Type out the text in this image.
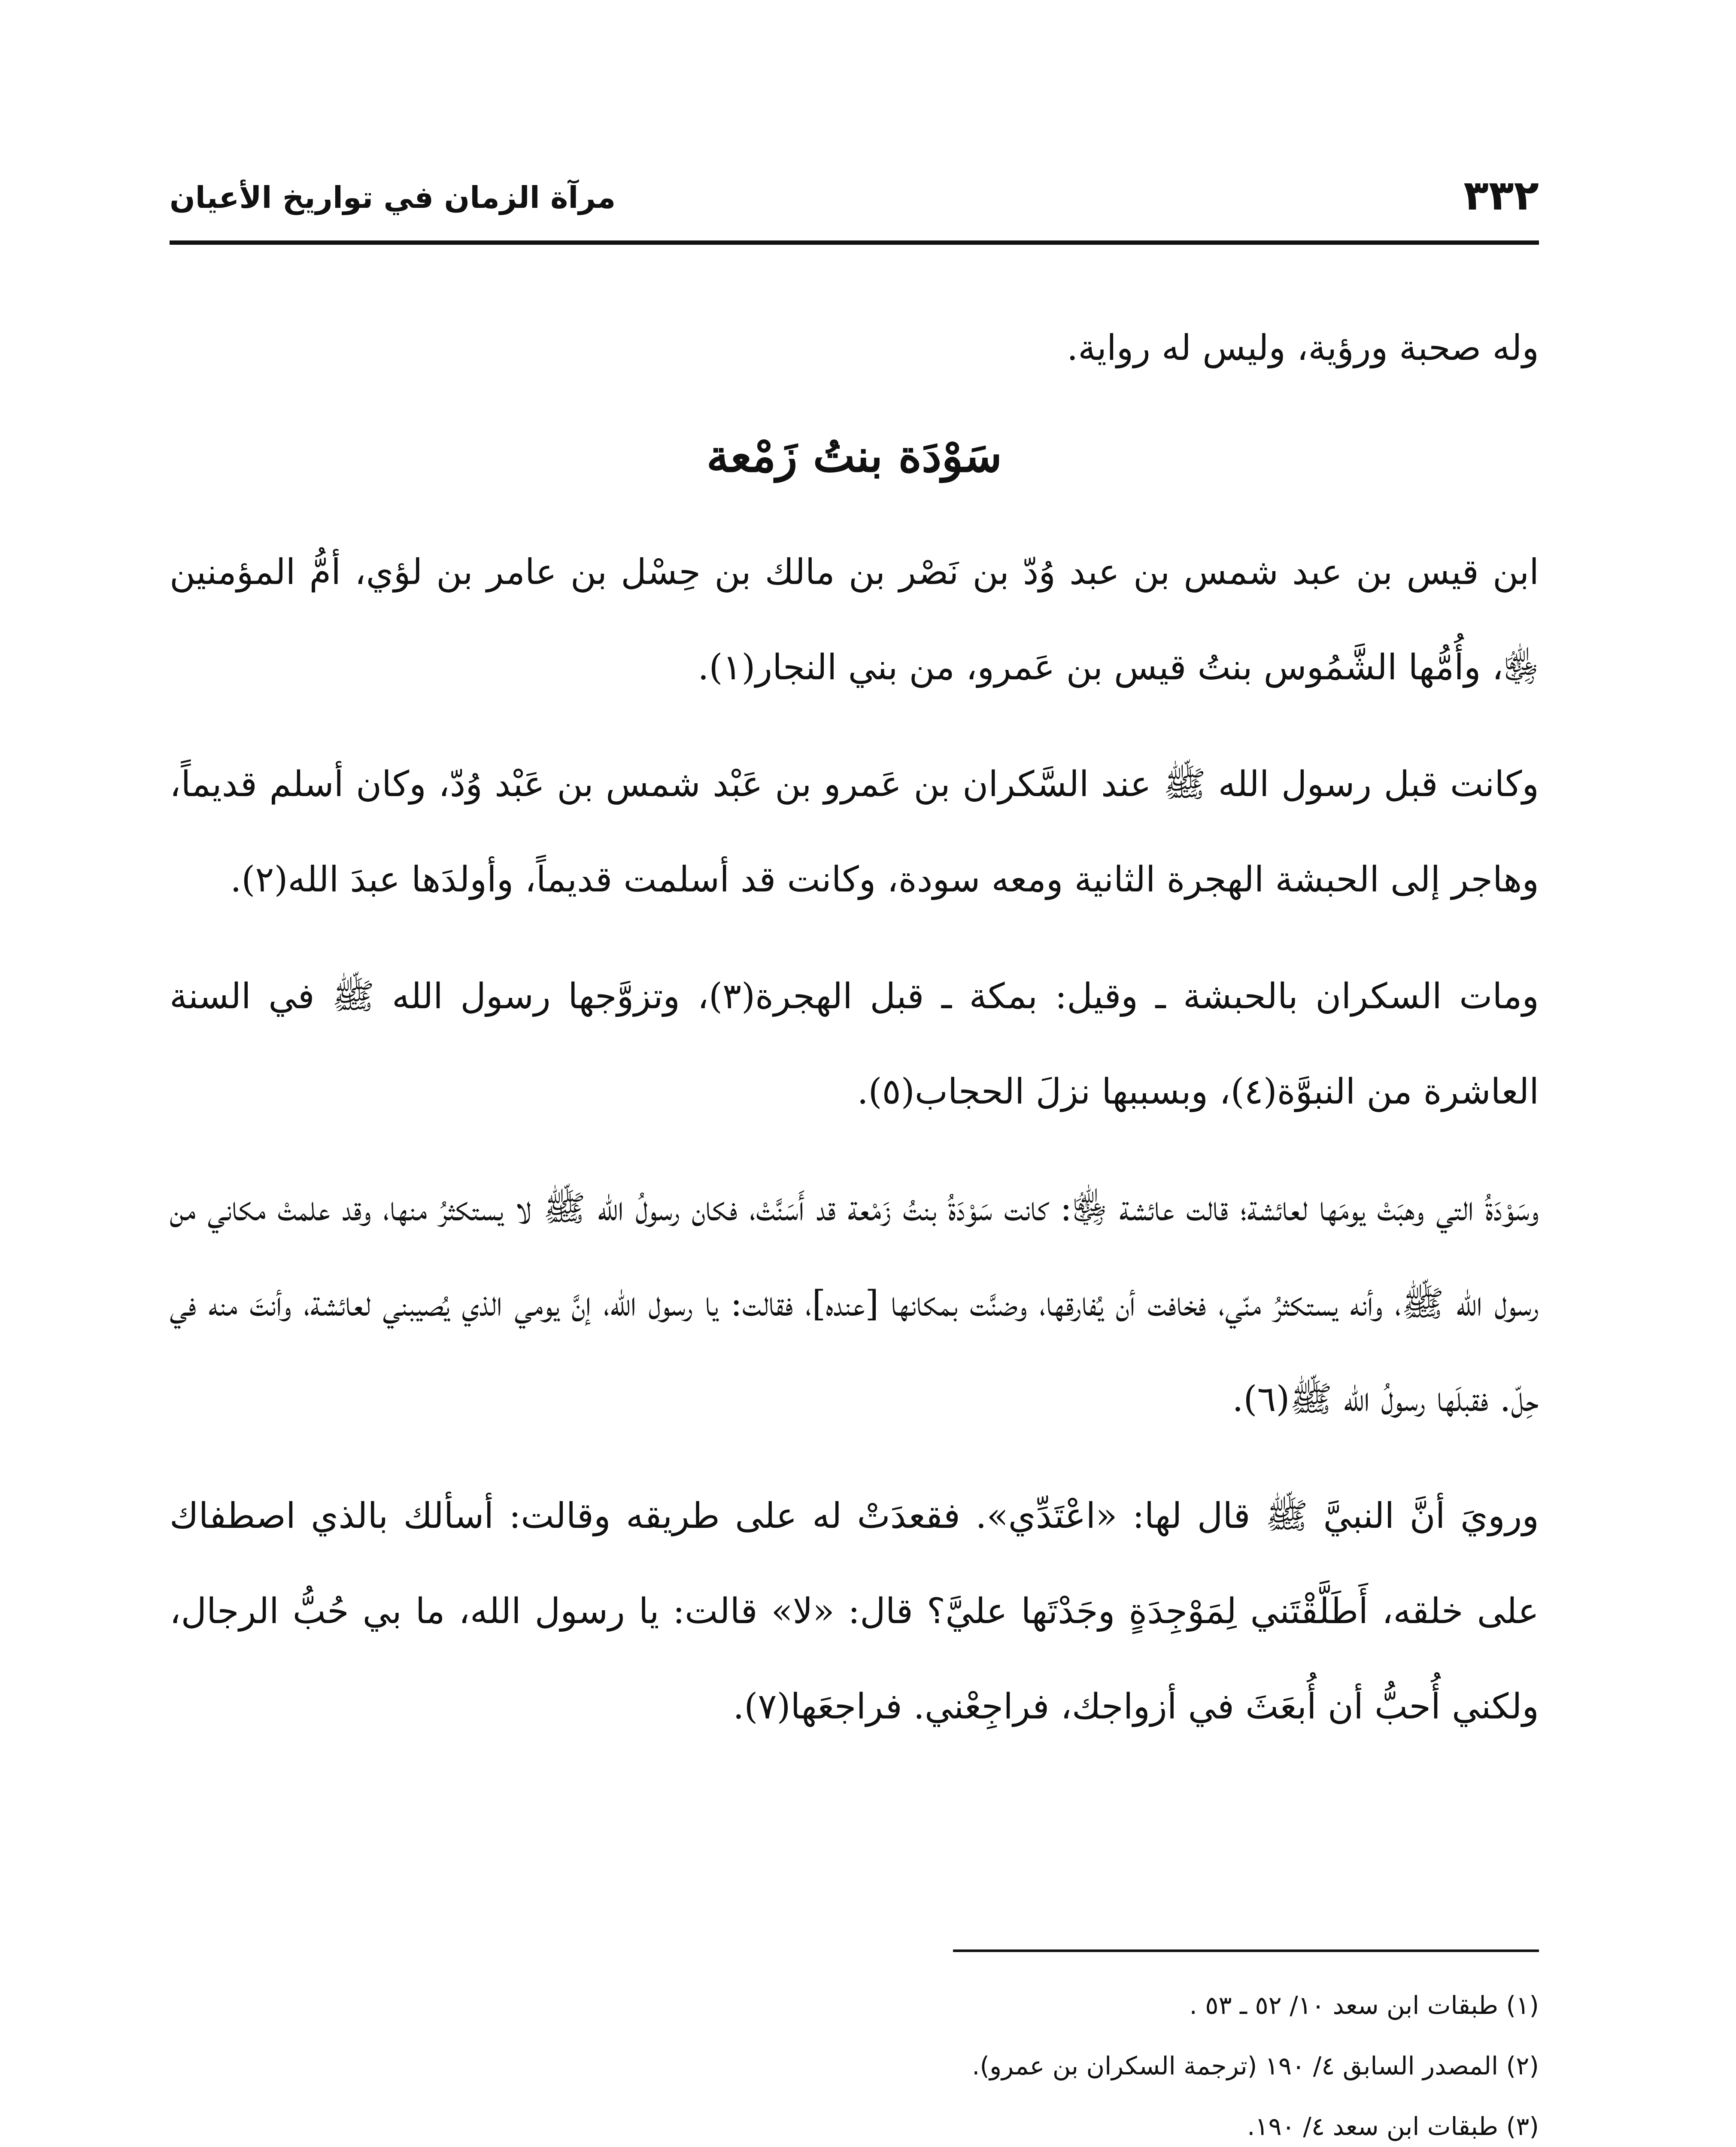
٣٣٢
مرآة الزمان في تواريخ الأعيان

وله صحبة ورؤية، وليس له رواية.

سَوْدَة بنتُ زَمْعة

ابن قيس بن عبد شمس بن عبد وُدّ بن نَصْر بن مالك بن حِسْل بن عامر بن لؤي، أمُّ المؤمنين ﵂، وأُمُّها الشَّمُوس بنتُ قيس بن عَمرو، من بني النجار(١).

وكانت قبل رسول الله ﷺ عند السَّكران بن عَمرو بن عَبْد شمس بن عَبْد وُدّ، وكان أسلم قديماً، وهاجر إلى الحبشة الهجرة الثانية ومعه سودة، وكانت قد أسلمت قديماً، وأولدَها عبدَ الله(٢).

ومات السكران بالحبشة ـ وقيل: بمكة ـ قبل الهجرة(٣)، وتزوَّجها رسول الله ﷺ في السنة العاشرة من النبوَّة(٤)، وبسببها نزلَ الحجاب(٥).

وسَوْدَةُ التي وهبَتْ يومَها لعائشة؛ قالت عائشة ﵂: كانت سَوْدَةُ بنتُ زَمْعة قد أَسَنَّتْ، فكان رسولُ الله ﷺ لا يستكثرُ منها، وقد علمتْ مكاني من رسول الله ﷺ، وأنه يستكثرُ منّي، فخافت أن يُفارقها، وضنَّت بمكانها [عنده]، فقالت: يا رسول الله، إنَّ يومي الذي يُصيبني لعائشة، وأنتَ منه في حِلّ. فقبلَها رسولُ الله ﷺ(٦).

ورويَ أنَّ النبيَّ ﷺ قال لها: «اعْتَدِّي». فقعدَتْ له على طريقه وقالت: أسألك بالذي اصطفاك على خلقه، أَطَلَّقْتَني لِمَوْجِدَةٍ وجَدْتَها عليَّ؟ قال: «لا» قالت: يا رسول الله، ما بي حُبُّ الرجال، ولكني أُحبُّ أن أُبعَثَ في أزواجك، فراجِعْني. فراجعَها(٧).

(١) طبقات ابن سعد ١٠/ ٥٢ ـ ٥٣ .
(٢) المصدر السابق ٤/ ١٩٠ (ترجمة السكران بن عمرو).
(٣) طبقات ابن سعد ٤/ ١٩٠.
